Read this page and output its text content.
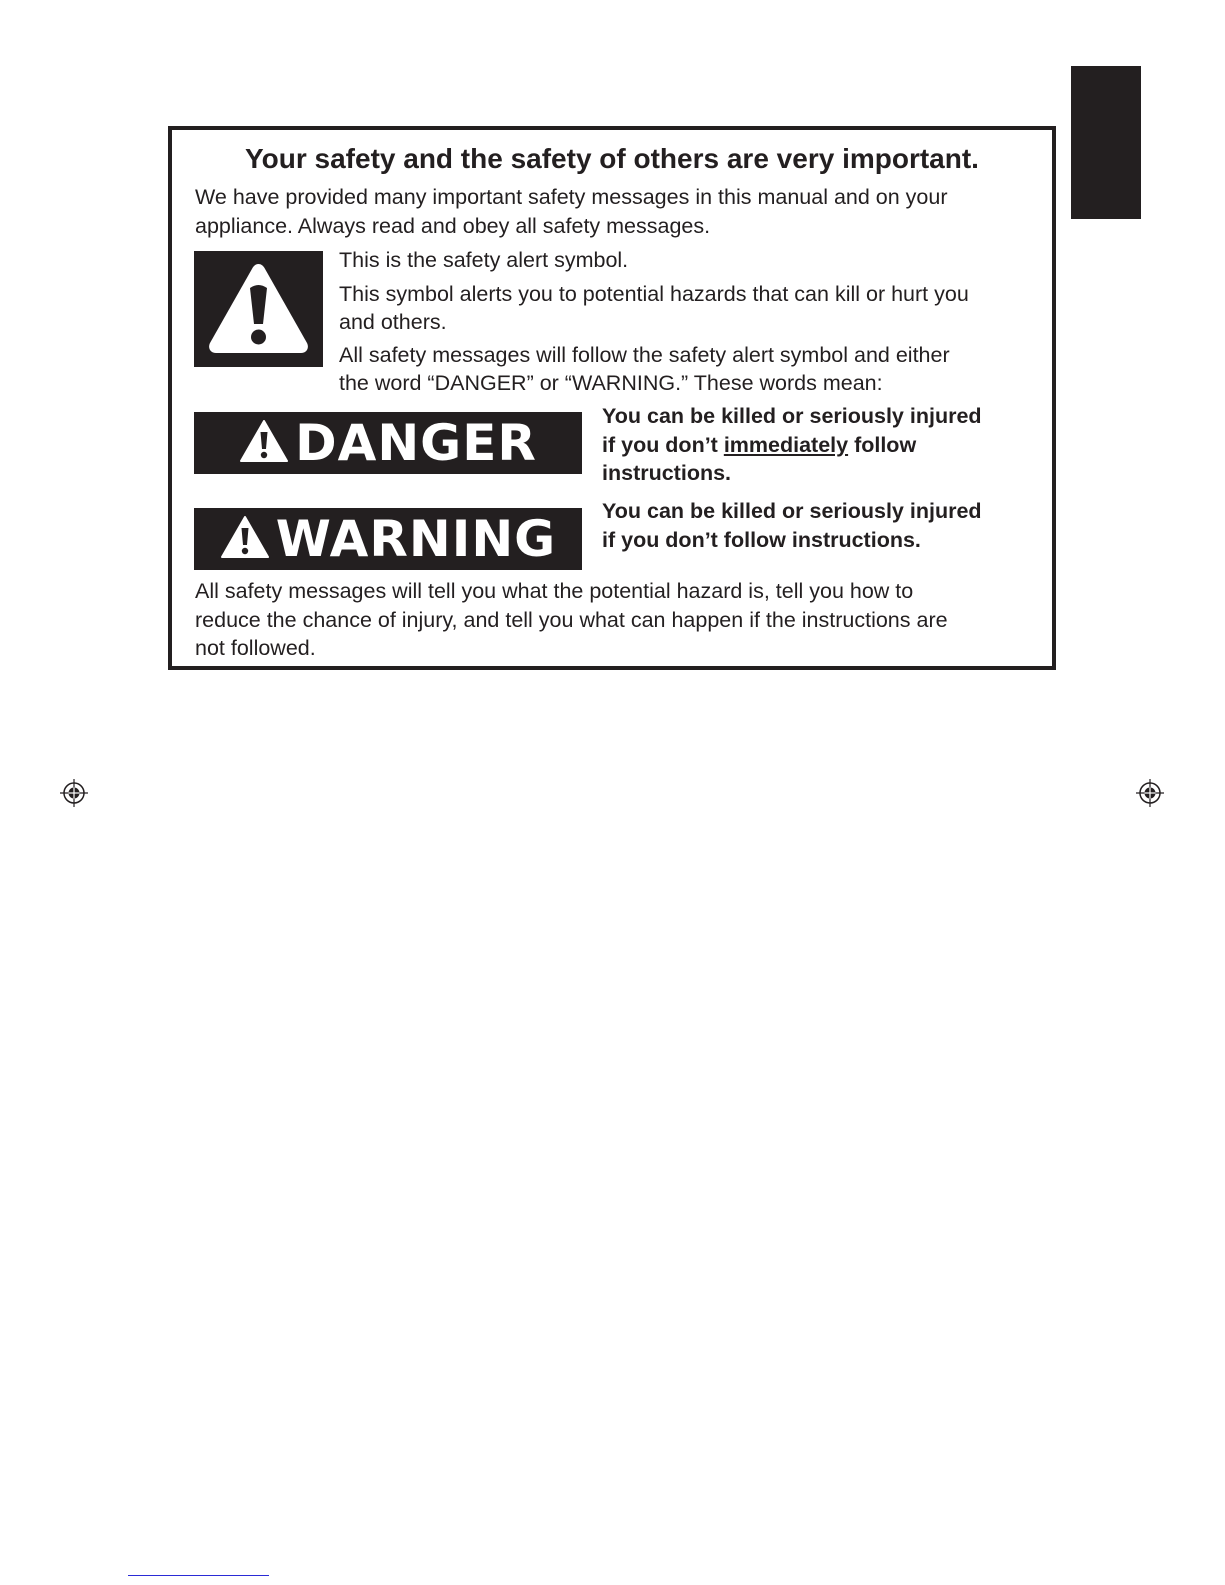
Your safety and the safety of others are very important.
We have provided many important safety messages in this manual and on your
appliance. Always read and obey all safety messages.
This is the safety alert symbol.
This symbol alerts you to potential hazards that can kill or hurt you
and others.
All safety messages will follow the safety alert symbol and either
the word “DANGER” or “WARNING.” These words mean:
DANGER	You can be killed or seriously injured
if you don’t immediately follow
instructions.
WARNING You can be killed or seriously injured
if you don’t follow instructions.
All safety messages will tell you what the potential hazard is, tell you how to
reduce the chance of injury, and tell you what can happen if the instructions are
not followed.
